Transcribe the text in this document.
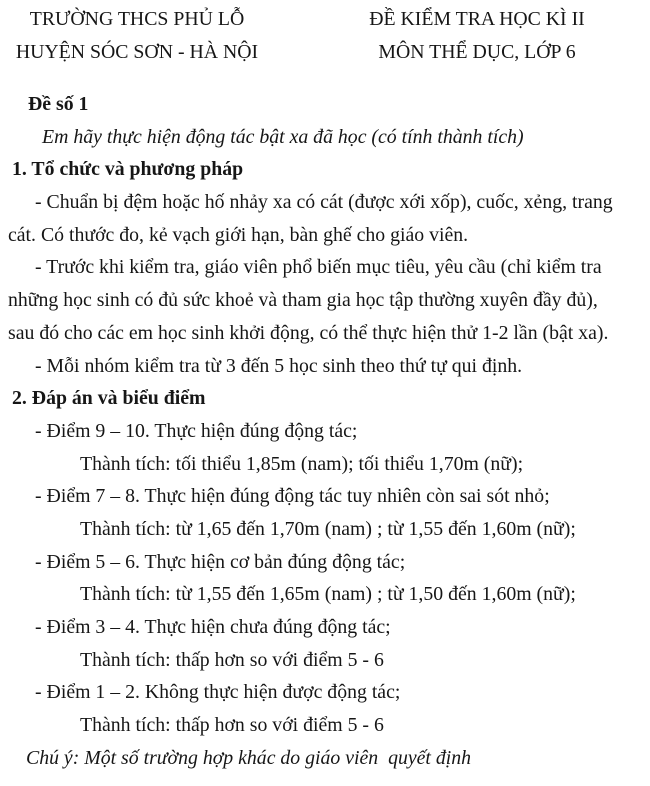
TRƯỜNG THCS PHỦ LỖ
HUYỆN SÓC SƠN - HÀ NỘI
ĐỀ KIỂM TRA HỌC KÌ II
MÔN THỂ DỤC, LỚP 6
Đề số 1
Em hãy thực hiện động tác bật xa đã học (có tính thành tích)
1. Tổ chức và phương pháp
- Chuẩn bị đệm hoặc hố nhảy xa có cát (được xới xốp), cuốc, xẻng, trang
cát. Có thước đo, kẻ vạch giới hạn, bàn ghế cho giáo viên.
- Trước khi kiểm tra, giáo viên phổ biến mục tiêu, yêu cầu (chỉ kiểm tra
những học sinh có đủ sức khoẻ và tham gia học tập thường xuyên đầy đủ),
sau đó cho các em học sinh khởi động, có thể thực hiện thử 1-2 lần (bật xa).
- Mỗi nhóm kiểm tra từ 3 đến 5 học sinh theo thứ tự qui định.
2. Đáp án và biểu điểm
- Điểm 9 – 10. Thực hiện đúng động tác;
Thành tích: tối thiểu 1,85m (nam); tối thiểu 1,70m (nữ);
- Điểm 7 – 8. Thực hiện đúng động tác tuy nhiên còn sai sót nhỏ;
Thành tích: từ 1,65 đến 1,70m (nam) ; từ 1,55 đến 1,60m (nữ);
- Điểm 5 – 6. Thực hiện cơ bản đúng động tác;
Thành tích: từ 1,55 đến 1,65m (nam) ; từ 1,50 đến 1,60m (nữ);
- Điểm 3 – 4. Thực hiện chưa đúng động tác;
Thành tích: thấp hơn so với điểm 5 - 6
- Điểm 1 – 2. Không thực hiện được động tác;
Thành tích: thấp hơn so với điểm 5 - 6
Chú ý: Một số trường hợp khác do giáo viên  quyết định
